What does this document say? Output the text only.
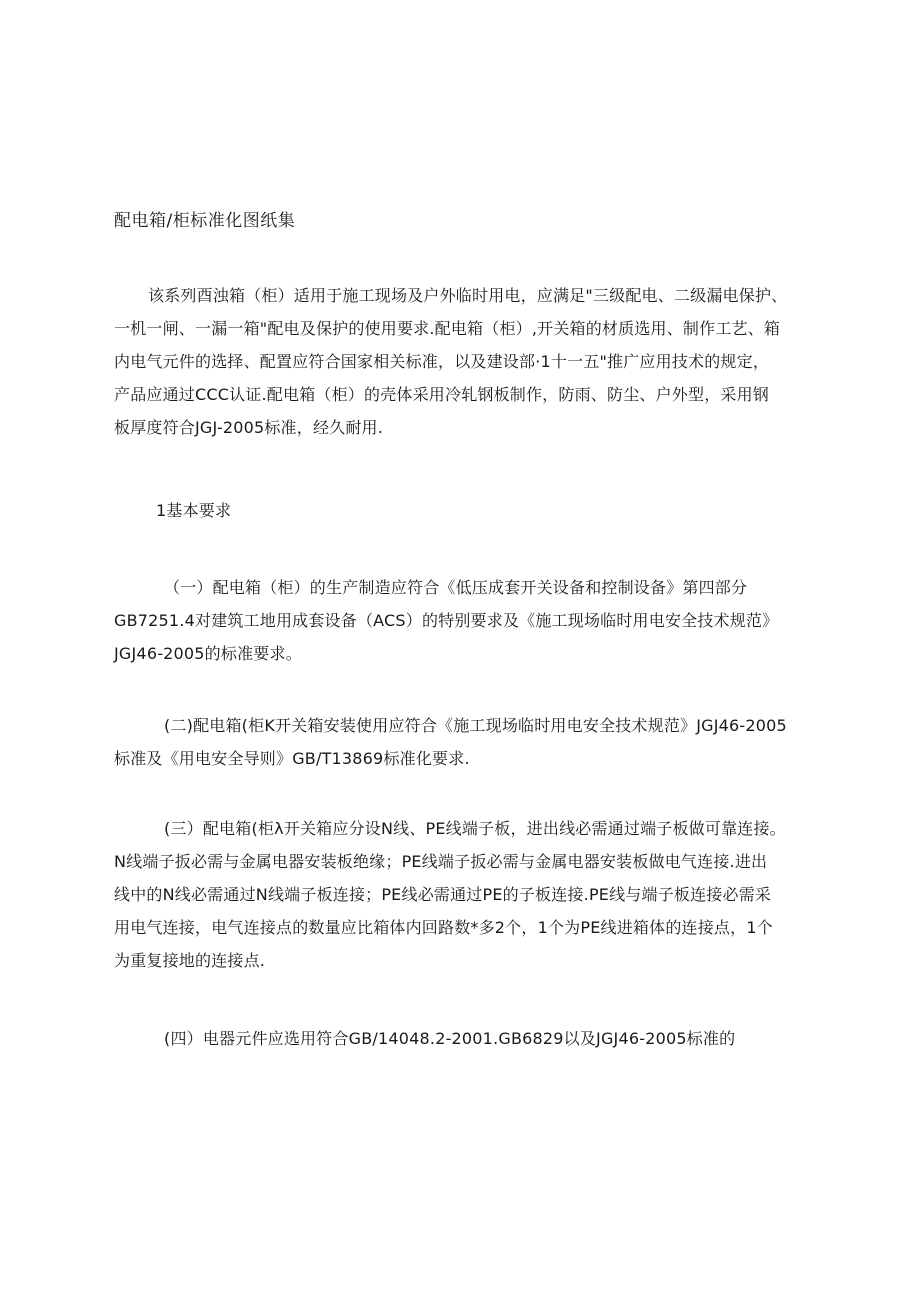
配电箱/柜标准化图纸集
该系列酉浊箱（柜）适用于施工现场及户外临时用电，应满足"三级配电、二级漏电保护、
一机一闸、一漏一箱"配电及保护的使用要求.配电箱（柜）,开关箱的材质选用、制作工艺、箱
内电气元件的选择、配置应符合国家相关标准，以及建设部·1十一五"推广应用技术的规定，
产品应通过CCC认证.配电箱（柜）的壳体采用冷轧钢板制作，防雨、防尘、户外型，采用钢
板厚度符合JGJ-2005标准，经久耐用.
1基本要求
（一）配电箱（柜）的生产制造应符合《低压成套开关设备和控制设备》第四部分
GB7251.4对建筑工地用成套设备（ACS）的特别要求及《施工现场临时用电安全技术规范》
JGJ46-2005的标准要求。
(二)配电箱(柜K开关箱安装使用应符合《施工现场临时用电安全技术规范》JGJ46-2005
标准及《用电安全导则》GB/T13869标准化要求.
(三）配电箱(柜λ开关箱应分设N线、PE线端子板，进出线必需通过端子板做可靠连接。
N线端子扳必需与金属电器安装板绝缘；PE线端子扳必需与金属电器安装板做电气连接.进出
线中的N线必需通过N线端子板连接；PE线必需通过PE的子板连接.PE线与端子板连接必需采
用电气连接，电气连接点的数量应比箱体内回路数*多2个，1个为PE线进箱体的连接点，1个
为重复接地的连接点.
(四）电器元件应选用符合GB/14048.2-2001.GB6829以及JGJ46-2005标准的
